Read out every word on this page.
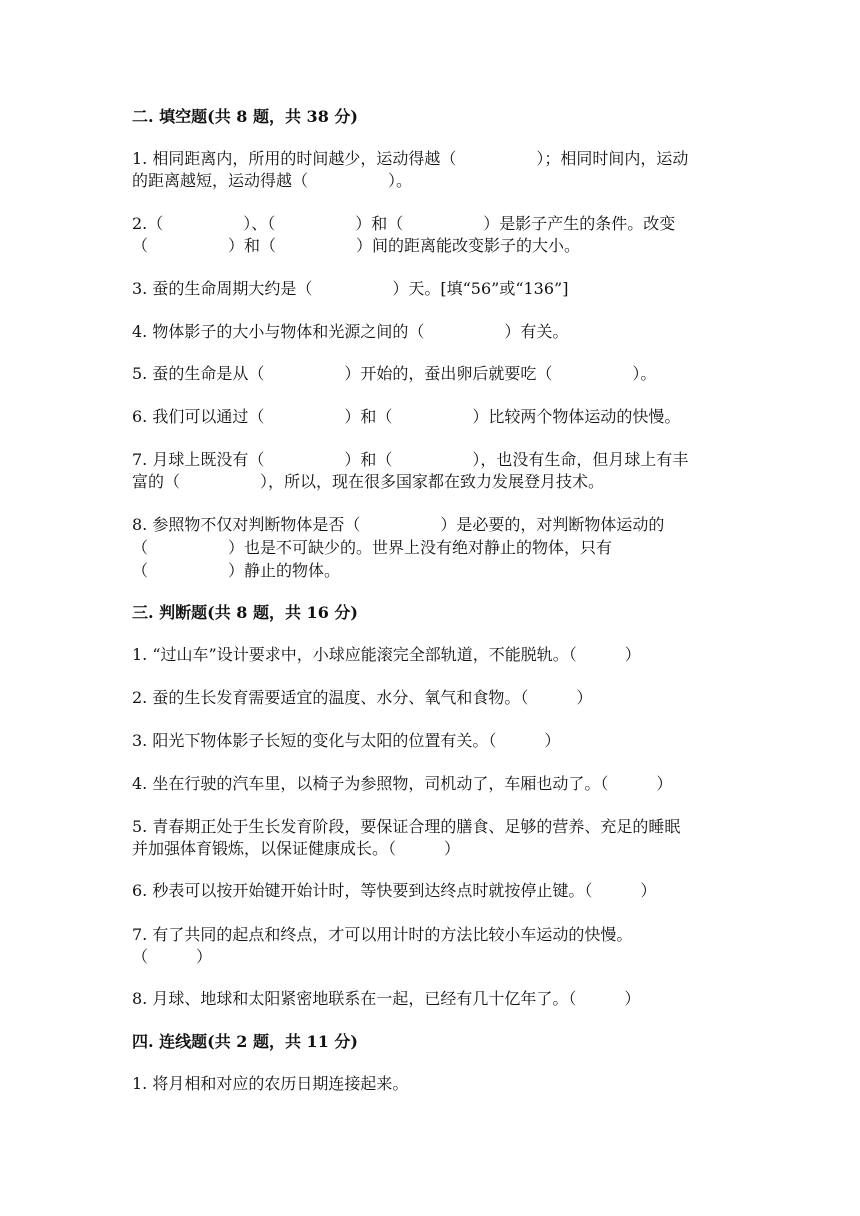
二. 填空题(共 8 题，共 38 分)
1. 相同距离内，所用的时间越少，运动得越（　　　　　）；相同时间内，运动
的距离越短，运动得越（　　　　　）。
2.（　　　　　）、（　　　　　）和（　　　　　）是影子产生的条件。改变
（　　　　　）和（　　　　　）间的距离能改变影子的大小。
3. 蚕的生命周期大约是（　　　　　）天。[填“56”或“136”]
4. 物体影子的大小与物体和光源之间的（　　　　　）有关。
5. 蚕的生命是从（　　　　　）开始的，蚕出卵后就要吃（　　　　　）。
6. 我们可以通过（　　　　　）和（　　　　　）比较两个物体运动的快慢。
7. 月球上既没有（　　　　　）和（　　　　　），也没有生命，但月球上有丰
富的（　　　　　），所以，现在很多国家都在致力发展登月技术。
8. 参照物不仅对判断物体是否（　　　　　）是必要的，对判断物体运动的
（　　　　　）也是不可缺少的。世界上没有绝对静止的物体，只有
（　　　　　）静止的物体。
三. 判断题(共 8 题，共 16 分)
1. “过山车”设计要求中，小球应能滚完全部轨道，不能脱轨。（　　　）
2. 蚕的生长发育需要适宜的温度、水分、氧气和食物。（　　　）
3. 阳光下物体影子长短的变化与太阳的位置有关。（　　　）
4. 坐在行驶的汽车里，以椅子为参照物，司机动了，车厢也动了。（　　　）
5. 青春期正处于生长发育阶段，要保证合理的膳食、足够的营养、充足的睡眠
并加强体育锻炼，以保证健康成长。（　　　）
6. 秒表可以按开始键开始计时，等快要到达终点时就按停止键。（　　　）
7. 有了共同的起点和终点，才可以用计时的方法比较小车运动的快慢。
（　　　）
8. 月球、地球和太阳紧密地联系在一起，已经有几十亿年了。（　　　）
四. 连线题(共 2 题，共 11 分)
1. 将月相和对应的农历日期连接起来。
